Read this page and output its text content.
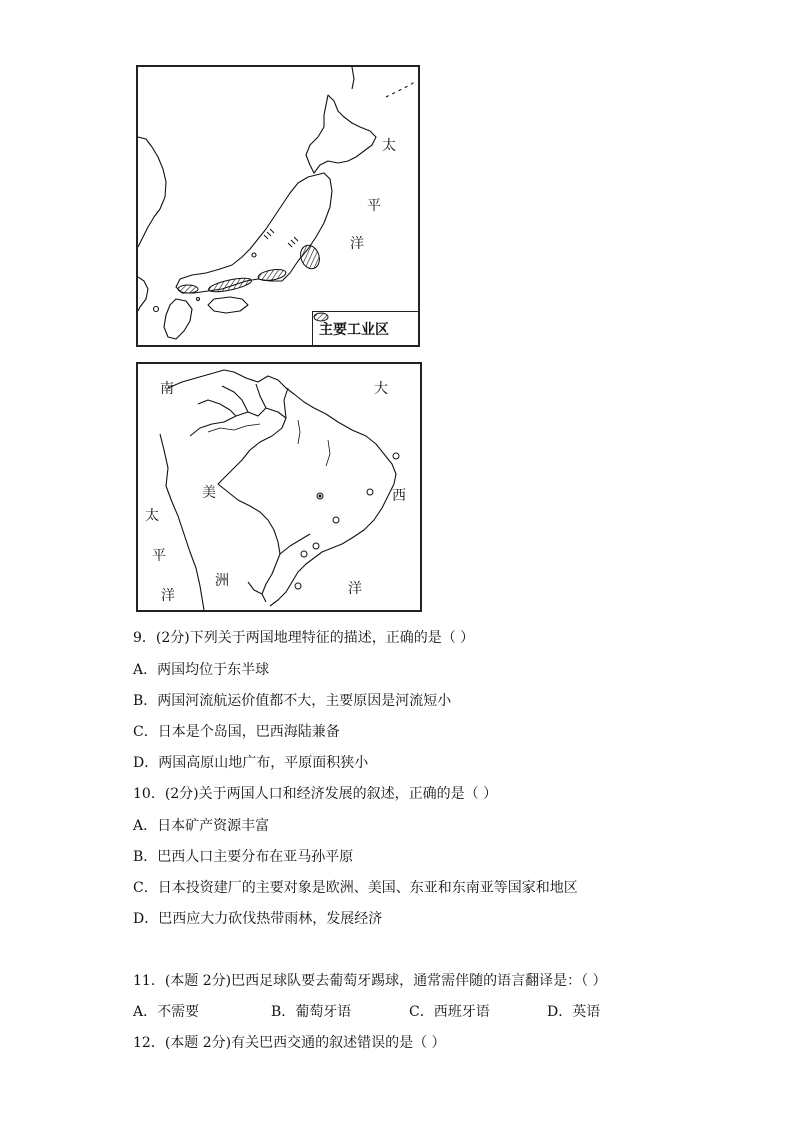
太
平
洋
主要工业区
南	大
美	西
太
平
洲
洋	洋
9．(2分)下列关于两国地理特征的描述，正确的是（ ）
A．两国均位于东半球
B．两国河流航运价值都不大，主要原因是河流短小
C．日本是个岛国，巴西海陆兼备
D．两国高原山地广布，平原面积狭小
10．(2分)关于两国人口和经济发展的叙述，正确的是（ ）
A．日本矿产资源丰富
B．巴西人口主要分布在亚马孙平原
C．日本投资建厂的主要对象是欧洲、美国、东亚和东南亚等国家和地区
D．巴西应大力砍伐热带雨林，发展经济
11．(本题 2分)巴西足球队要去葡萄牙踢球，通常需伴随的语言翻译是：（ ）
A．不需要	B．葡萄牙语	C．西班牙语	D．英语
12．(本题 2分)有关巴西交通的叙述错误的是（ ）
